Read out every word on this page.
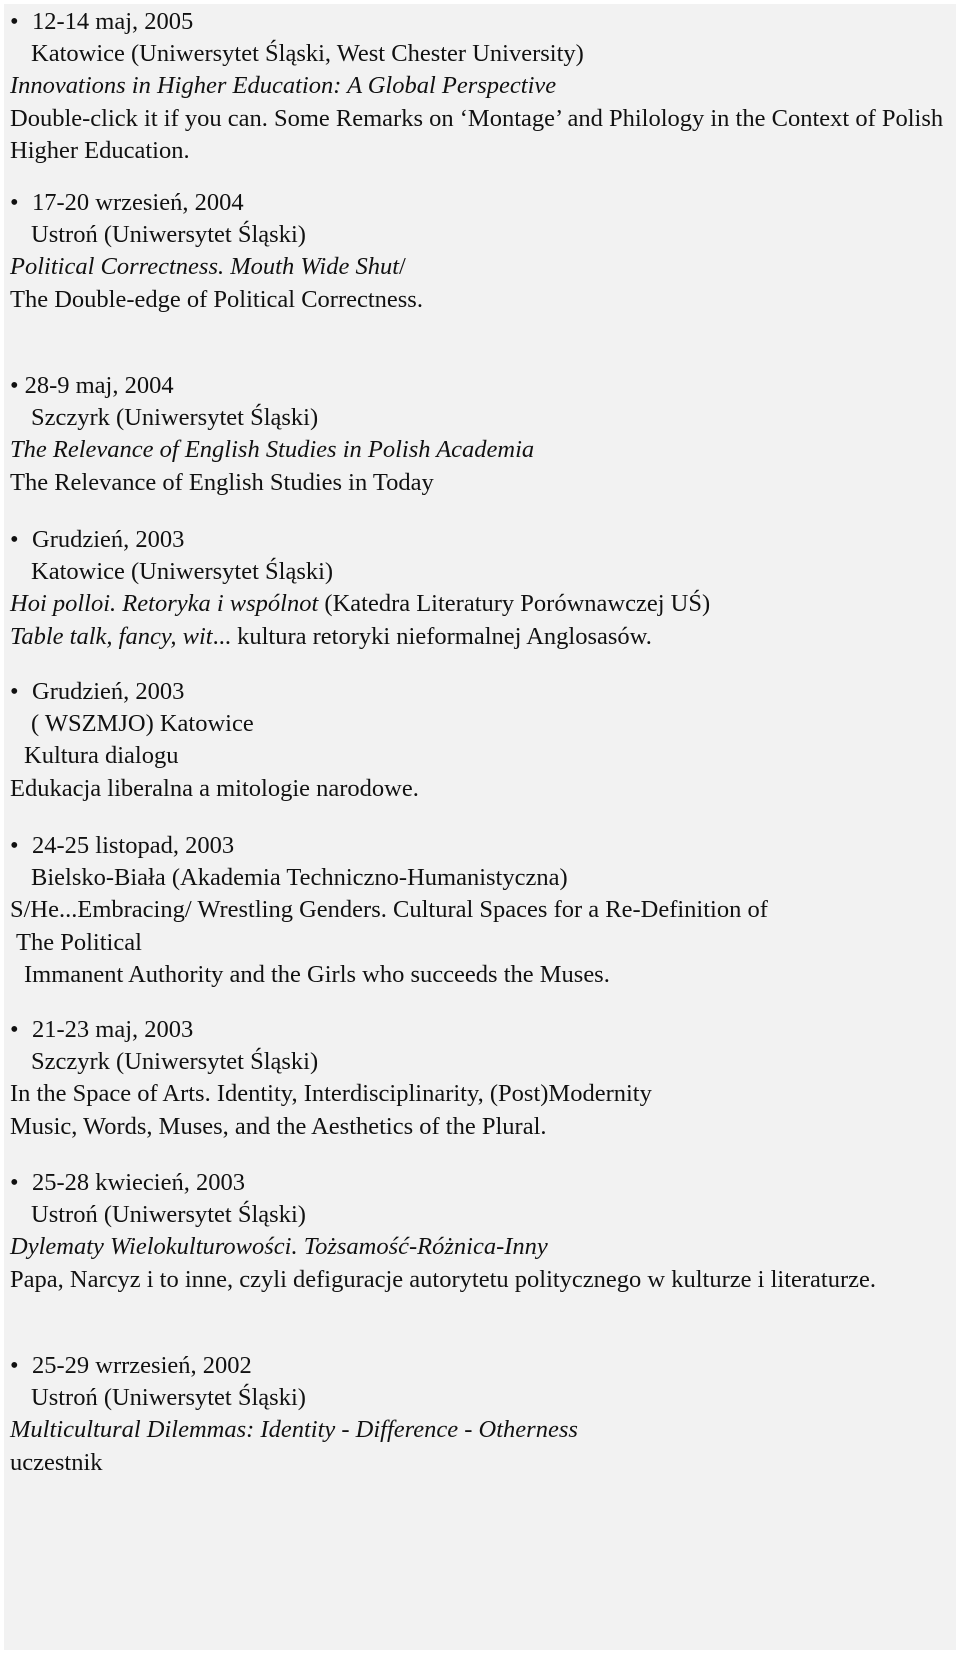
• 12-14 maj, 2005
Katowice (Uniwersytet Śląski, West Chester University)
Innovations in Higher Education: A Global Perspective
Double-click it if you can. Some Remarks on ‘Montage’ and Philology in the Context of Polish Higher Education.
• 17-20 wrzesień, 2004
Ustroń (Uniwersytet Śląski)
Political Correctness. Mouth Wide Shut/
The Double-edge of Political Correctness.
• 28-9 maj, 2004
Szczyrk (Uniwersytet Śląski)
The Relevance of English Studies in Polish Academia
The Relevance of English Studies in Today
• Grudzień, 2003
Katowice (Uniwersytet Śląski)
Hoi polloi. Retoryka i wspólnot (Katedra Literatury Porównawczej UŚ)
Table talk, fancy, wit... kultura retoryki nieformalnej Anglosasów.
• Grudzień, 2003
( WSZMJO) Katowice
Kultura dialogu
Edukacja liberalna a mitologie narodowe.
• 24-25 listopad, 2003
Bielsko-Biała (Akademia Techniczno-Humanistyczna)
S/He...Embracing/ Wrestling Genders. Cultural Spaces for a Re-Definition of
The Political
Immanent Authority and the Girls who succeeds the Muses.
• 21-23 maj, 2003
Szczyrk (Uniwersytet Śląski)
In the Space of Arts. Identity, Interdisciplinarity, (Post)Modernity
Music, Words, Muses, and the Aesthetics of the Plural.
• 25-28 kwiecień, 2003
Ustroń (Uniwersytet Śląski)
Dylematy Wielokulturowości. Tożsamość-Różnica-Inny
Papa, Narcyz i to inne, czyli defiguracje autorytetu politycznego w kulturze i literaturze.
• 25-29 wrrzesień, 2002
Ustroń (Uniwersytet Śląski)
Multicultural Dilemmas: Identity - Difference - Otherness
uczestnik
